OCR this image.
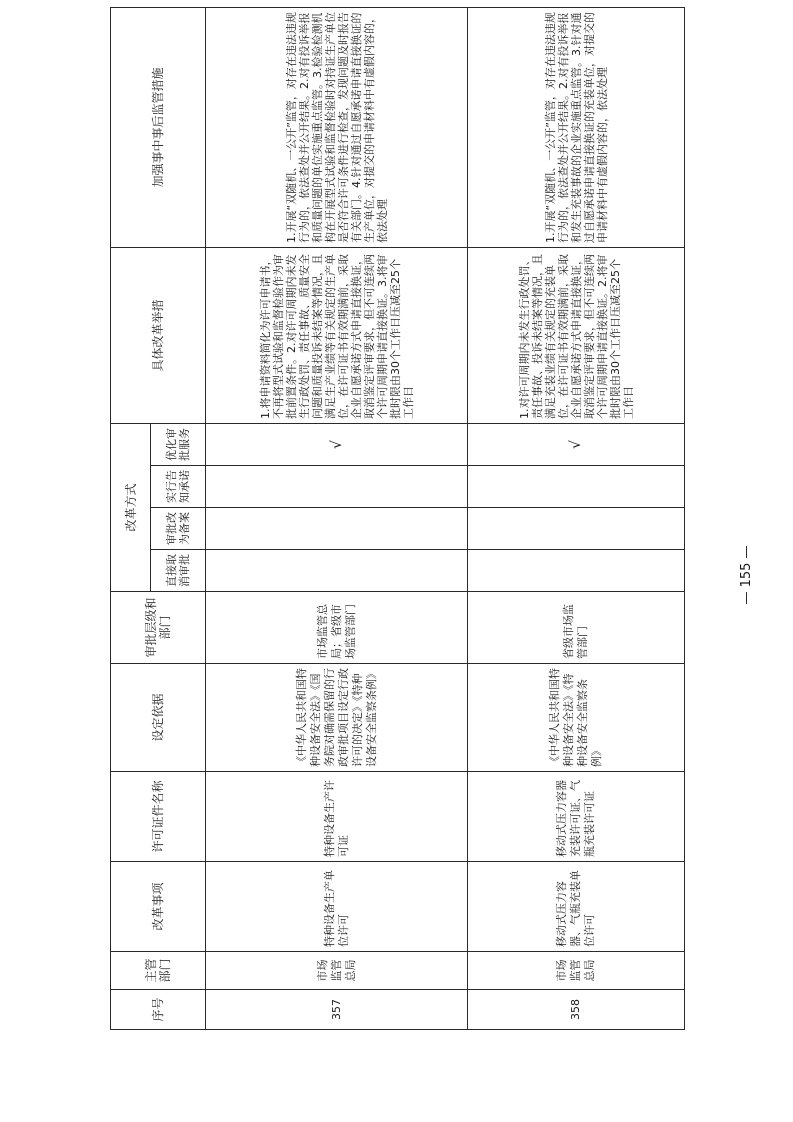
序号	主管部门	改革事项	许可证件名称	设定依据	审批层级和部门	改革方式				具体改革举措	加强事中事后监管措施
						直接取消审批	审批改为备案	实行告知承诺	优化审批服务		
357	市场监管总局	特种设备生产单位许可	特种设备生产许可证	《中华人民共和国特种设备安全法》《国务院对确需保留的行政审批项目设定行政许可的决定》《特种设备安全监察条例》	市场监管总局；省级市场监管部门				√	1.将申请资料简化为许可申请书，不再将型式试验和监督检验作为审批前置条件。2.对许可周期内未发生行政处罚、责任事故、质量安全问题和质量投诉未结案等情况，且满足生产业绩等有关规定的生产单位，在许可证书有效期满前，采取企业自愿承诺方式申请直接换证，取消鉴定评审要求，但不可连续两个许可周期申请直接换证。3.将审批时限由30个工作日压减至25个工作日	1.开展“双随机、一公开”监管，对存在违法违规行为的，依法查处并公开结果。2.对有投诉举报和质量问题的单位实施重点监管。3.检验检测机构在开展型式试验和监督检验时对持证生产单位是否符合许可条件进行检查，发现问题及时报告有关部门。4.针对通过自愿承诺申请直接换证的生产单位，对提交的申请材料中有虚假内容的，依法处理
358	市场监管总局	移动式压力容器、气瓶充装单位许可	移动式压力容器充装许可证、气瓶充装许可证	《中华人民共和国特种设备安全法》《特种设备安全监察条例》	省级市场监管部门				√	1.对许可周期内未发生行政处罚、责任事故、投诉未结案等情况，且满足充装业绩有关规定的充装单位，在许可证书有效期满前，采取企业自愿承诺方式申请直接换证，取消鉴定评审要求，但不可连续两个许可周期申请直接换证。2.将审批时限由30个工作日压减至25个工作日	1.开展“双随机、一公开”监管，对存在违法违规行为的，依法查处并公开结果。2.对有投诉举报和发生充装事故的企业实施重点监管。3.针对通过自愿承诺申请直接换证的充装单位，对提交的申请材料中有虚假内容的，依法处理
— 155 —
